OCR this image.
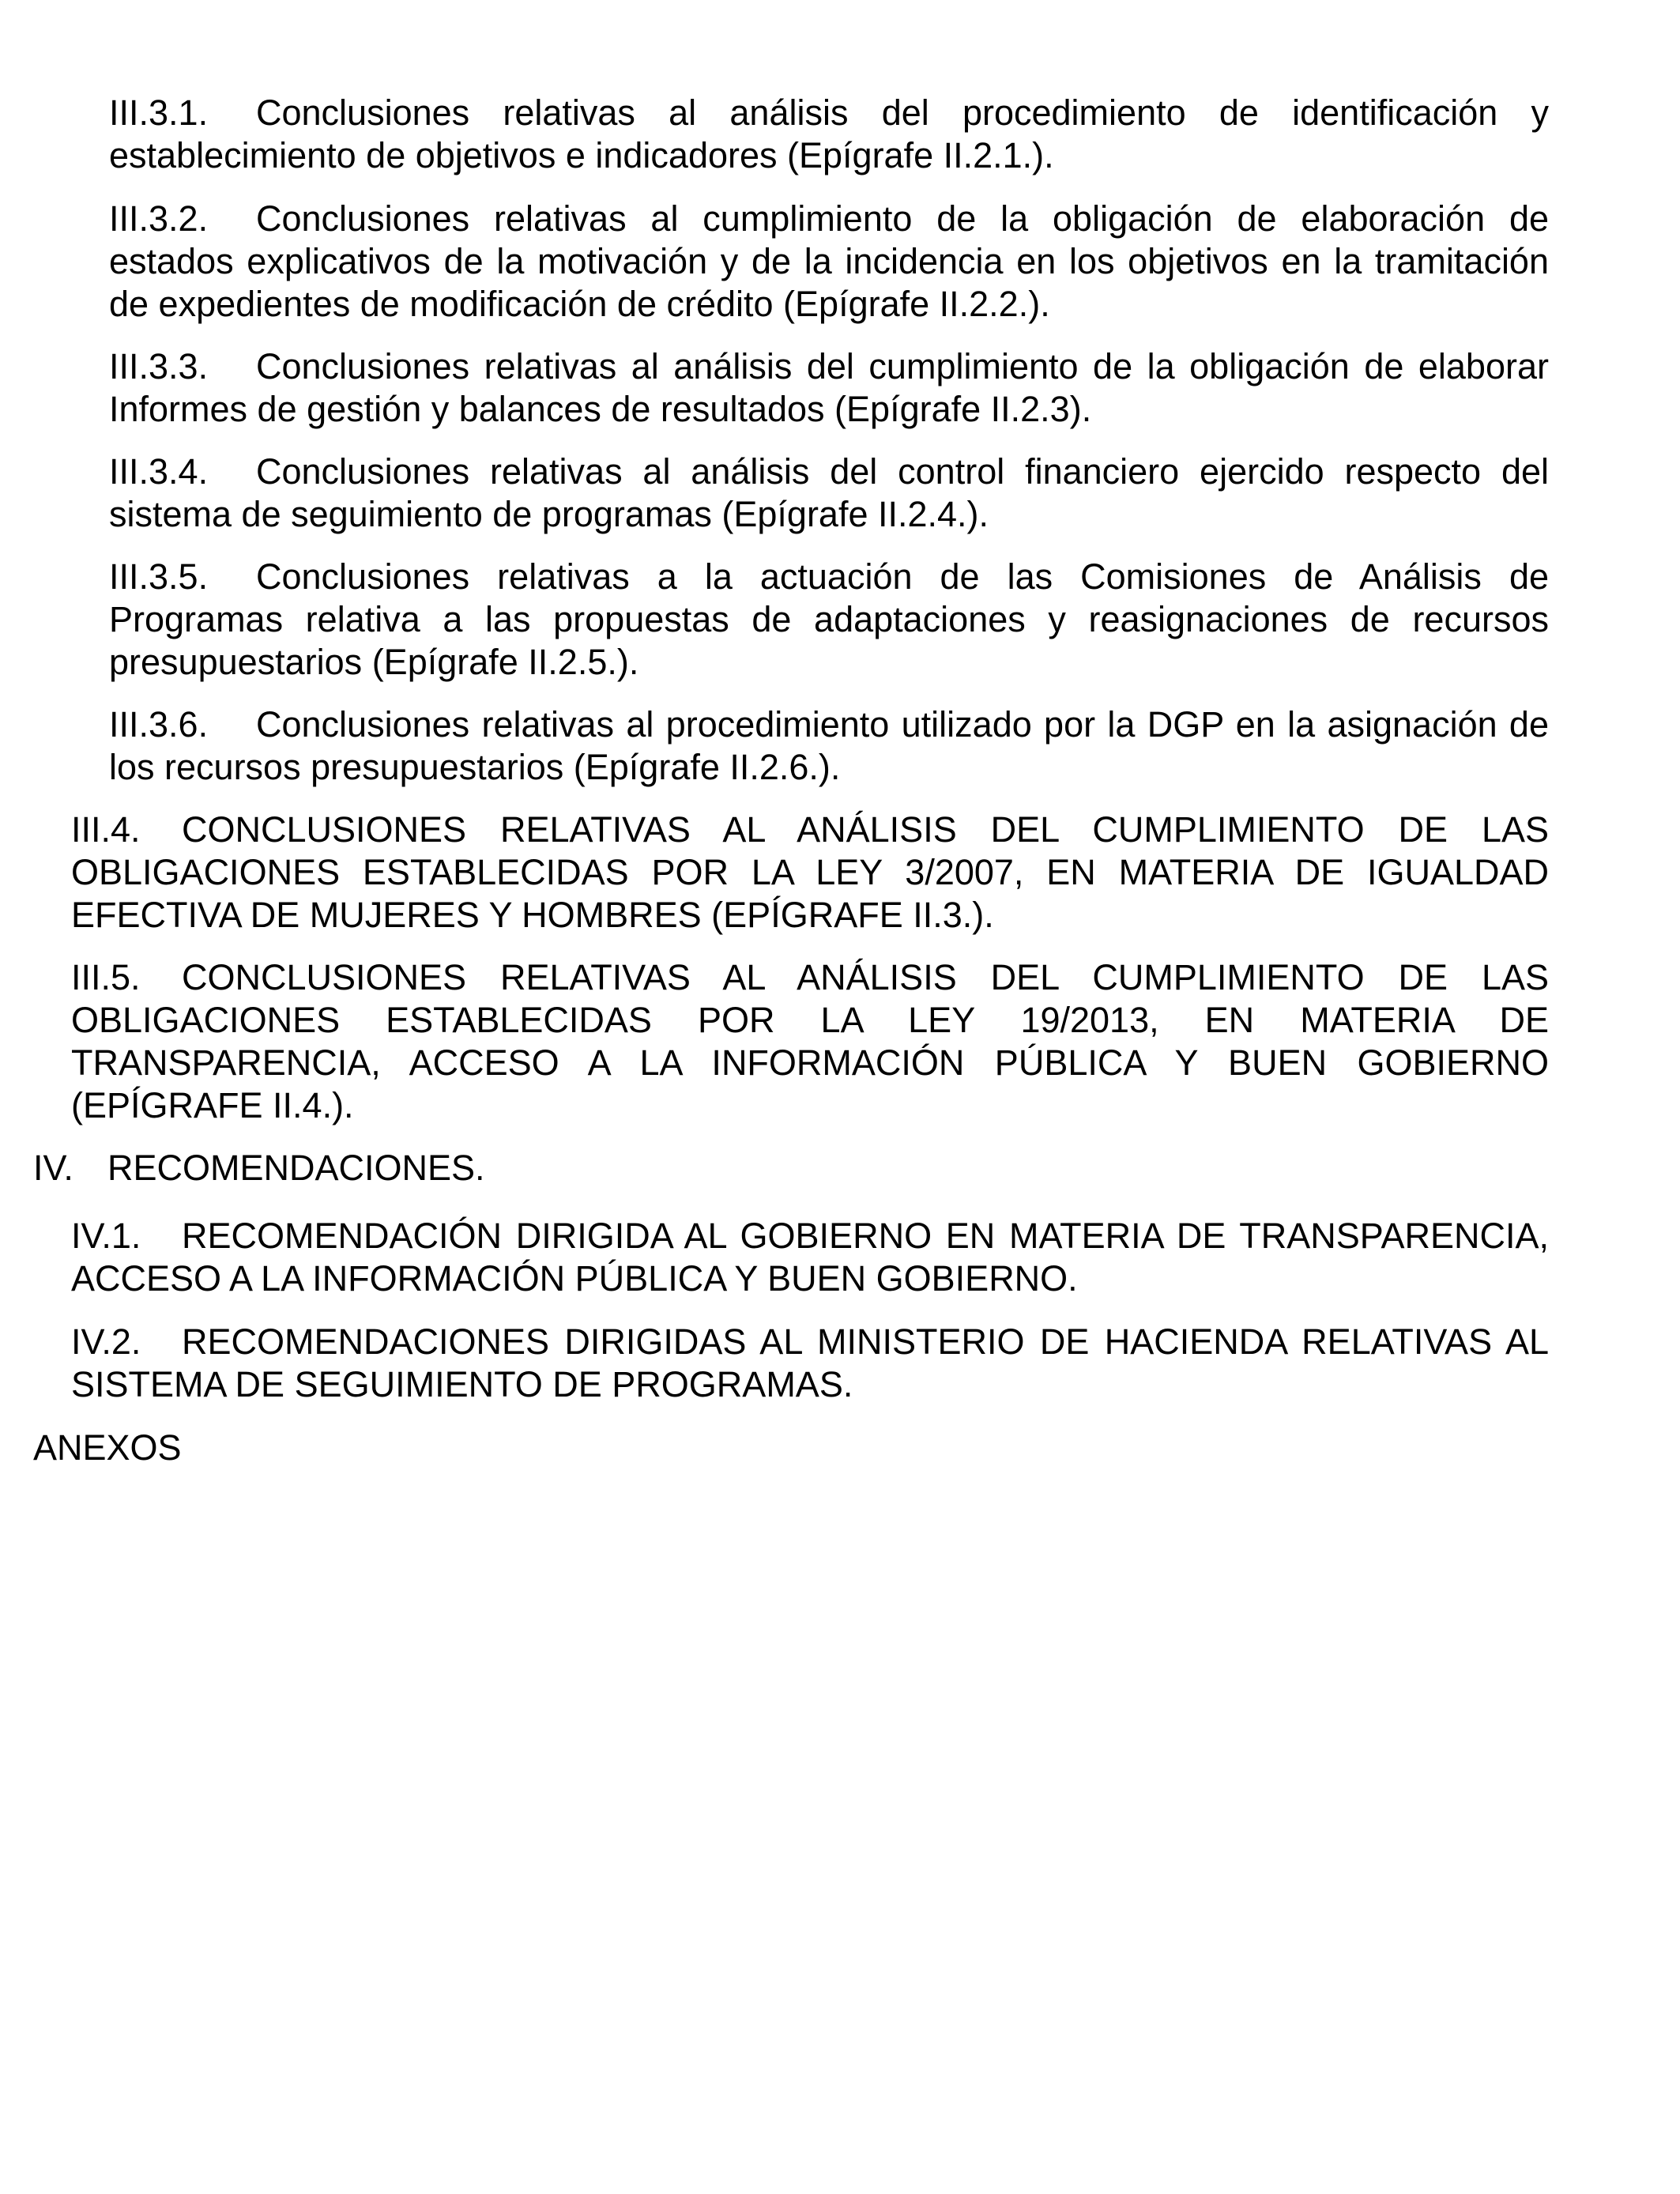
III.3.1. Conclusiones relativas al análisis del procedimiento de identificación y establecimiento de objetivos e indicadores (Epígrafe II.2.1.).

III.3.2. Conclusiones relativas al cumplimiento de la obligación de elaboración de estados explicativos de la motivación y de la incidencia en los objetivos en la tramitación de expedientes de modificación de crédito (Epígrafe II.2.2.).

III.3.3. Conclusiones relativas al análisis del cumplimiento de la obligación de elaborar Informes de gestión y balances de resultados (Epígrafe II.2.3).

III.3.4. Conclusiones relativas al análisis del control financiero ejercido respecto del sistema de seguimiento de programas (Epígrafe II.2.4.).

III.3.5. Conclusiones relativas a la actuación de las Comisiones de Análisis de Programas relativa a las propuestas de adaptaciones y reasignaciones de recursos presupuestarios (Epígrafe II.2.5.).

III.3.6. Conclusiones relativas al procedimiento utilizado por la DGP en la asignación de los recursos presupuestarios (Epígrafe II.2.6.).

III.4. CONCLUSIONES RELATIVAS AL ANÁLISIS DEL CUMPLIMIENTO DE LAS OBLIGACIONES ESTABLECIDAS POR LA LEY 3/2007, EN MATERIA DE IGUALDAD EFECTIVA DE MUJERES Y HOMBRES (EPÍGRAFE II.3.).

III.5. CONCLUSIONES RELATIVAS AL ANÁLISIS DEL CUMPLIMIENTO DE LAS OBLIGACIONES ESTABLECIDAS POR LA LEY 19/2013, EN MATERIA DE TRANSPARENCIA, ACCESO A LA INFORMACIÓN PÚBLICA Y BUEN GOBIERNO (EPÍGRAFE II.4.).

IV. RECOMENDACIONES.

IV.1. RECOMENDACIÓN DIRIGIDA AL GOBIERNO EN MATERIA DE TRANSPARENCIA, ACCESO A LA INFORMACIÓN PÚBLICA Y BUEN GOBIERNO.

IV.2. RECOMENDACIONES DIRIGIDAS AL MINISTERIO DE HACIENDA RELATIVAS AL SISTEMA DE SEGUIMIENTO DE PROGRAMAS.

ANEXOS
